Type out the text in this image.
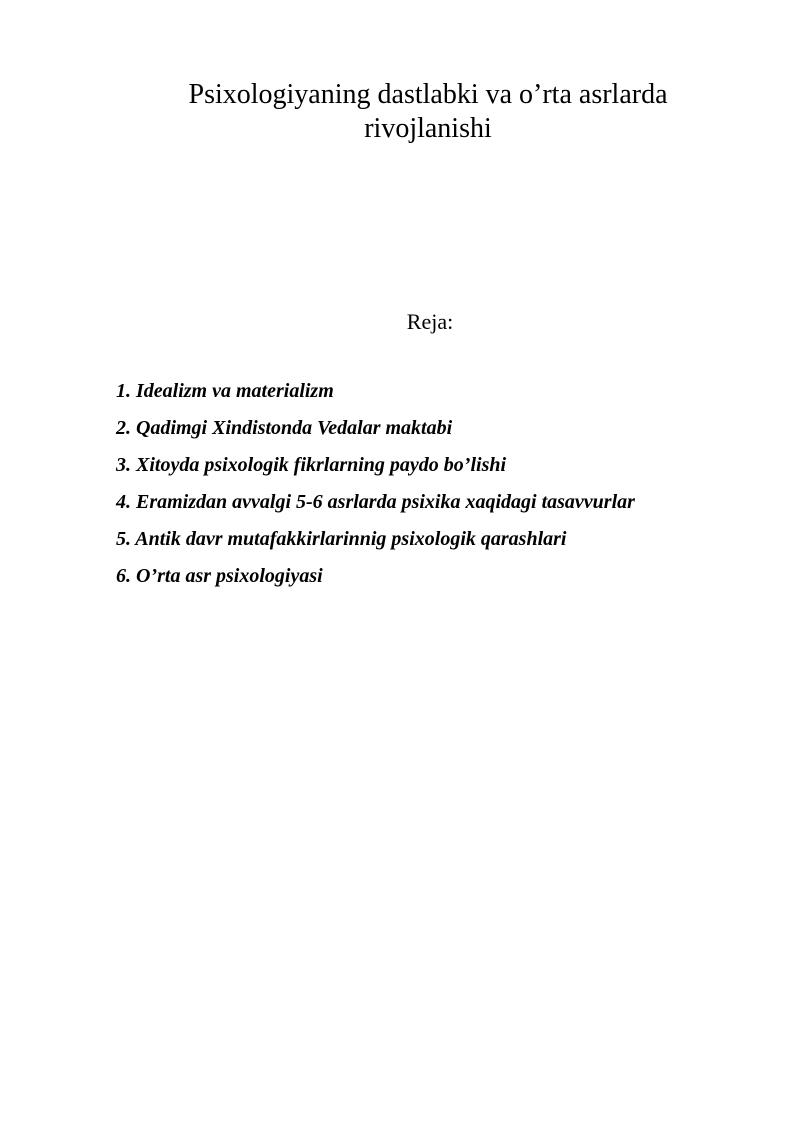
Psixologiyaning dastlabki va o’rta asrlarda
rivojlanishi
Reja:
1. Idealizm va materializm
2. Qadimgi Xindistonda Vedalar maktabi
3. Xitoyda psixologik fikrlarning paydo bo’lishi
4. Eramizdan avvalgi 5-6 asrlarda psixika xaqidagi tasavvurlar
5. Antik davr mutafakkirlarinnig psixologik qarashlari
6. O’rta asr psixologiyasi
